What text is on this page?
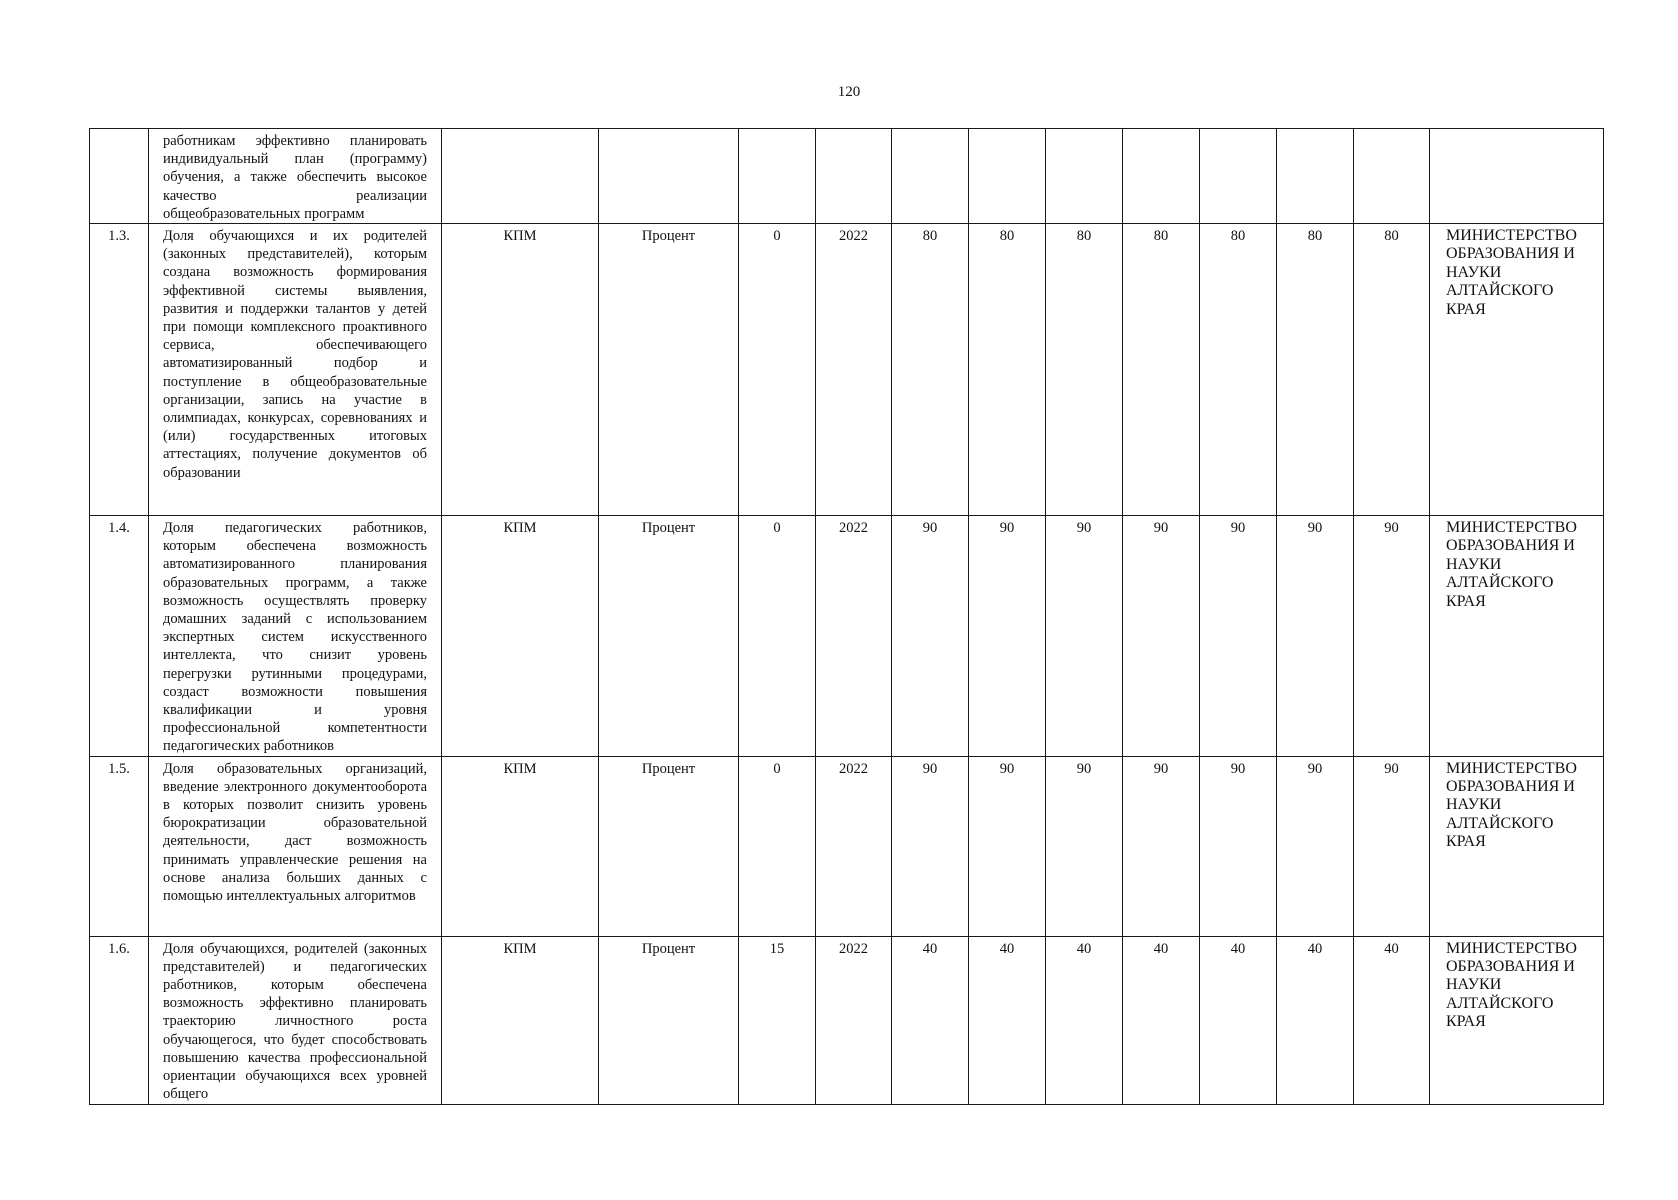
120
	работникам эффективно планировать индивидуальный план (программу) обучения, а также обеспечить высокое качество реализации общеобразовательных программ												
1.3.	Доля обучающихся и их родителей (законных представителей), которым создана возможность формирования эффективной системы выявления, развития и поддержки талантов у детей при помощи комплексного проактивного сервиса, обеспечивающего автоматизированный подбор и поступление в общеобразовательные организации, запись на участие в олимпиадах, конкурсах, соревнованиях и (или) государственных итоговых аттестациях, получение документов об образовании	КПМ	Процент	0	2022	80	80	80	80	80	80	80	МИНИСТЕРСТВО ОБРАЗОВАНИЯ И НАУКИ АЛТАЙСКОГО КРАЯ
1.4.	Доля педагогических работников, которым обеспечена возможность автоматизированного планирования образовательных программ, а также возможность осуществлять проверку домашних заданий с использованием экспертных систем искусственного интеллекта, что снизит уровень перегрузки рутинными процедурами, создаст возможности повышения квалификации и уровня профессиональной компетентности педагогических работников	КПМ	Процент	0	2022	90	90	90	90	90	90	90	МИНИСТЕРСТВО ОБРАЗОВАНИЯ И НАУКИ АЛТАЙСКОГО КРАЯ
1.5.	Доля образовательных организаций, введение электронного документооборота в которых позволит снизить уровень бюрократизации образовательной деятельности, даст возможность принимать управленческие решения на основе анализа больших данных с помощью интеллектуальных алгоритмов	КПМ	Процент	0	2022	90	90	90	90	90	90	90	МИНИСТЕРСТВО ОБРАЗОВАНИЯ И НАУКИ АЛТАЙСКОГО КРАЯ
1.6.	Доля обучающихся, родителей (законных представителей) и педагогических работников, которым обеспечена возможность эффективно планировать траекторию личностного роста обучающегося, что будет способствовать повышению качества профессиональной ориентации обучающихся всех уровней общего	КПМ	Процент	15	2022	40	40	40	40	40	40	40	МИНИСТЕРСТВО ОБРАЗОВАНИЯ И НАУКИ АЛТАЙСКОГО КРАЯ
